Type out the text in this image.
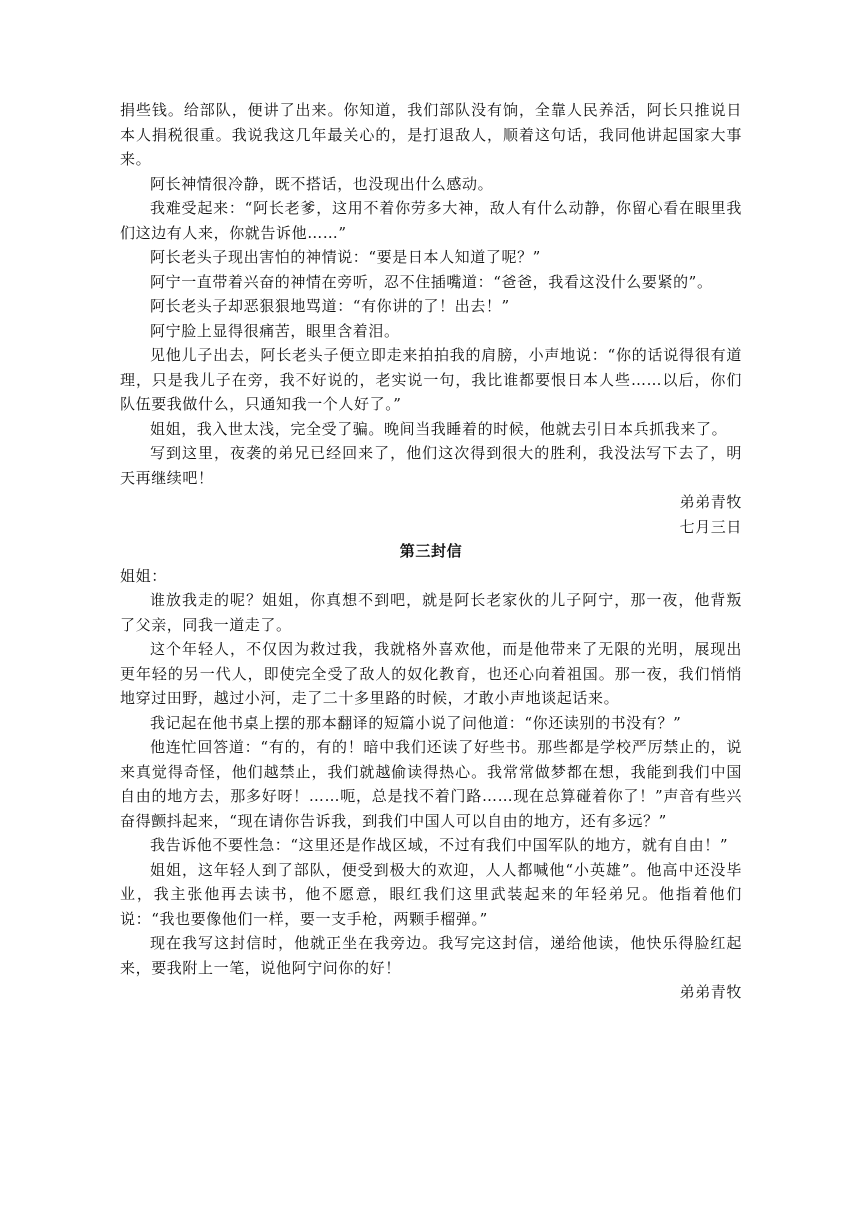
捐些钱。给部队，便讲了出来。你知道，我们部队没有饷，全靠人民养活，阿长只推说日本人捐税很重。我说我这几年最关心的，是打退敌人，顺着这句话，我同他讲起国家大事来。

阿长神情很冷静，既不搭话，也没现出什么感动。

我难受起来：“阿长老爹，这用不着你劳多大神，敌人有什么动静，你留心看在眼里我们这边有人来，你就告诉他……”

阿长老头子现出害怕的神情说：“要是日本人知道了呢？”

阿宁一直带着兴奋的神情在旁听，忍不住插嘴道：“爸爸，我看这没什么要紧的”。

阿长老头子却恶狠狠地骂道：“有你讲的了！出去！”

阿宁脸上显得很痛苦，眼里含着泪。

见他儿子出去，阿长老头子便立即走来拍拍我的肩膀，小声地说：“你的话说得很有道理，只是我儿子在旁，我不好说的，老实说一句，我比谁都要恨日本人些……以后，你们队伍要我做什么，只通知我一个人好了。”

姐姐，我入世太浅，完全受了骗。晚间当我睡着的时候，他就去引日本兵抓我来了。

写到这里，夜袭的弟兄已经回来了，他们这次得到很大的胜利，我没法写下去了，明天再继续吧！

弟弟青牧

七月三日

第三封信

姐姐：

谁放我走的呢？姐姐，你真想不到吧，就是阿长老家伙的儿子阿宁，那一夜，他背叛了父亲，同我一道走了。

这个年轻人，不仅因为救过我，我就格外喜欢他，而是他带来了无限的光明，展现出更年轻的另一代人，即使完全受了敌人的奴化教育，也还心向着祖国。那一夜，我们悄悄地穿过田野，越过小河，走了二十多里路的时候，才敢小声地谈起话来。

我记起在他书桌上摆的那本翻译的短篇小说了问他道：“你还读别的书没有？”

他连忙回答道：“有的，有的！暗中我们还读了好些书。那些都是学校严厉禁止的，说来真觉得奇怪，他们越禁止，我们就越偷读得热心。我常常做梦都在想，我能到我们中国自由的地方去，那多好呀！……呃，总是找不着门路……现在总算碰着你了！”声音有些兴奋得颤抖起来，“现在请你告诉我，到我们中国人可以自由的地方，还有多远？”

我告诉他不要性急：“这里还是作战区域，不过有我们中国军队的地方，就有自由！”

姐姐，这年轻人到了部队，便受到极大的欢迎，人人都喊他“小英雄”。他高中还没毕业，我主张他再去读书，他不愿意，眼红我们这里武装起来的年轻弟兄。他指着他们说：“我也要像他们一样，要一支手枪，两颗手榴弹。”

现在我写这封信时，他就正坐在我旁边。我写完这封信，递给他读，他快乐得脸红起来，要我附上一笔，说他阿宁问你的好！

弟弟青牧
